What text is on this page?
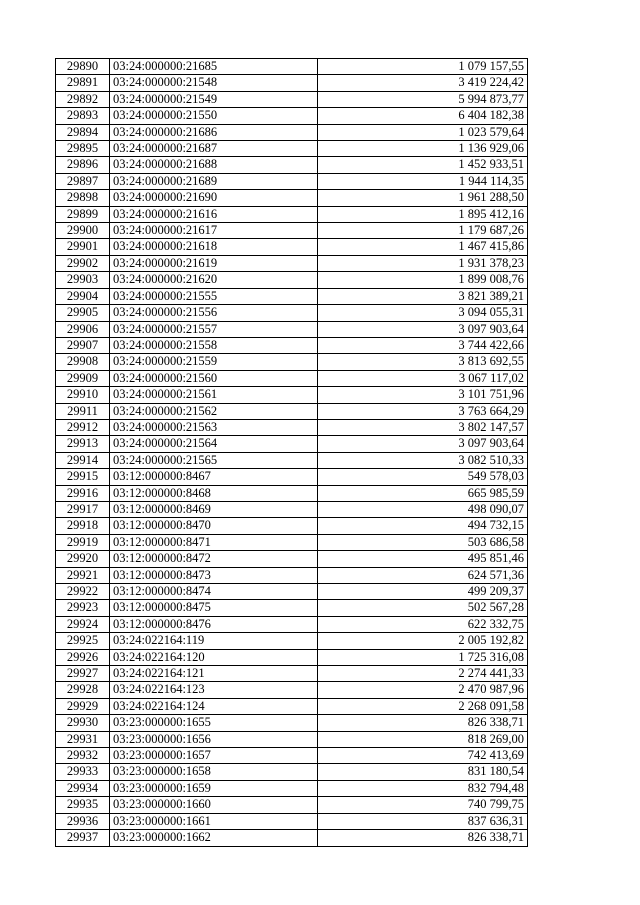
29890	03:24:000000:21685	1 079 157,55
29891	03:24:000000:21548	3 419 224,42
29892	03:24:000000:21549	5 994 873,77
29893	03:24:000000:21550	6 404 182,38
29894	03:24:000000:21686	1 023 579,64
29895	03:24:000000:21687	1 136 929,06
29896	03:24:000000:21688	1 452 933,51
29897	03:24:000000:21689	1 944 114,35
29898	03:24:000000:21690	1 961 288,50
29899	03:24:000000:21616	1 895 412,16
29900	03:24:000000:21617	1 179 687,26
29901	03:24:000000:21618	1 467 415,86
29902	03:24:000000:21619	1 931 378,23
29903	03:24:000000:21620	1 899 008,76
29904	03:24:000000:21555	3 821 389,21
29905	03:24:000000:21556	3 094 055,31
29906	03:24:000000:21557	3 097 903,64
29907	03:24:000000:21558	3 744 422,66
29908	03:24:000000:21559	3 813 692,55
29909	03:24:000000:21560	3 067 117,02
29910	03:24:000000:21561	3 101 751,96
29911	03:24:000000:21562	3 763 664,29
29912	03:24:000000:21563	3 802 147,57
29913	03:24:000000:21564	3 097 903,64
29914	03:24:000000:21565	3 082 510,33
29915	03:12:000000:8467	549 578,03
29916	03:12:000000:8468	665 985,59
29917	03:12:000000:8469	498 090,07
29918	03:12:000000:8470	494 732,15
29919	03:12:000000:8471	503 686,58
29920	03:12:000000:8472	495 851,46
29921	03:12:000000:8473	624 571,36
29922	03:12:000000:8474	499 209,37
29923	03:12:000000:8475	502 567,28
29924	03:12:000000:8476	622 332,75
29925	03:24:022164:119	2 005 192,82
29926	03:24:022164:120	1 725 316,08
29927	03:24:022164:121	2 274 441,33
29928	03:24:022164:123	2 470 987,96
29929	03:24:022164:124	2 268 091,58
29930	03:23:000000:1655	826 338,71
29931	03:23:000000:1656	818 269,00
29932	03:23:000000:1657	742 413,69
29933	03:23:000000:1658	831 180,54
29934	03:23:000000:1659	832 794,48
29935	03:23:000000:1660	740 799,75
29936	03:23:000000:1661	837 636,31
29937	03:23:000000:1662	826 338,71
